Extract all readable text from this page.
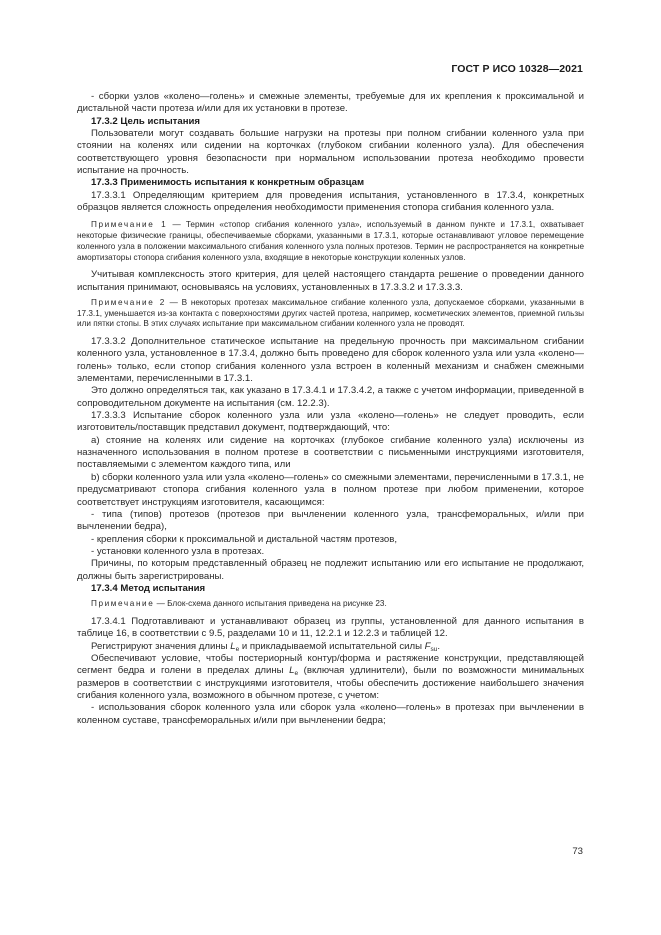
ГОСТ Р ИСО 10328—2021

- сборки узлов «колено—голень» и смежные элементы, требуемые для их крепления к проксимальной и дистальной части протеза и/или для их установки в протезе.

17.3.2 Цель испытания

Пользователи могут создавать большие нагрузки на протезы при полном сгибании коленного узла при стоянии на коленях или сидении на корточках (глубоком сгибании коленного узла). Для обеспечения соответствующего уровня безопасности при нормальном использовании протеза необходимо провести испытание на прочность.

17.3.3 Применимость испытания к конкретным образцам

17.3.3.1 Определяющим критерием для проведения испытания, установленного в 17.3.4, конкретных образцов является сложность определения необходимости применения стопора сгибания коленного узла.

Примечание 1 — Термин «стопор сгибания коленного узла», используемый в данном пункте и 17.3.1, охватывает некоторые физические границы, обеспечиваемые сборками, указанными в 17.3.1, которые останавливают угловое перемещение коленного узла в положении максимального сгибания коленного узла полных протезов. Термин не распространяется на конкретные амортизаторы стопора сгибания коленного узла, входящие в некоторые конструкции коленных узлов.

Учитывая комплексность этого критерия, для целей настоящего стандарта решение о проведении данного испытания принимают, основываясь на условиях, установленных в 17.3.3.2 и 17.3.3.3.

Примечание 2 — В некоторых протезах максимальное сгибание коленного узла, допускаемое сборками, указанными в 17.3.1, уменьшается из-за контакта с поверхностями других частей протеза, например, косметических элементов, приемной гильзы или пятки стопы. В этих случаях испытание при максимальном сгибании коленного узла не проводят.

17.3.3.2 Дополнительное статическое испытание на предельную прочность при максимальном сгибании коленного узла, установленное в 17.3.4, должно быть проведено для сборок коленного узла или узла «колено—голень» только, если стопор сгибания коленного узла встроен в коленный механизм и снабжен смежными элементами, перечисленными в 17.3.1.

Это должно определяться так, как указано в 17.3.4.1 и 17.3.4.2, а также с учетом информации, приведенной в сопроводительном документе на испытания (см. 12.2.3).

17.3.3.3 Испытание сборок коленного узла или узла «колено—голень» не следует проводить, если изготовитель/поставщик представил документ, подтверждающий, что:

a) стояние на коленях или сидение на корточках (глубокое сгибание коленного узла) исключены из назначенного использования в полном протезе в соответствии с письменными инструкциями изготовителя, поставляемыми с элементом каждого типа, или

b) сборки коленного узла или узла «колено—голень» со смежными элементами, перечисленными в 17.3.1, не предусматривают стопора сгибания коленного узла в полном протезе при любом применении, которое соответствует инструкциям изготовителя, касающимся:

- типа (типов) протезов (протезов при вычленении коленного узла, трансфеморальных, и/или при вычленении бедра),

- крепления сборки к проксимальной и дистальной частям протезов,

- установки коленного узла в протезах.

Причины, по которым представленный образец не подлежит испытанию или его испытание не продолжают, должны быть зарегистрированы.

17.3.4 Метод испытания

Примечание — Блок-схема данного испытания приведена на рисунке 23.

17.3.4.1 Подготавливают и устанавливают образец из группы, установленной для данного испытания в таблице 16, в соответствии с 9.5, разделами 10 и 11, 12.2.1 и 12.2.3 и таблицей 12.

Регистрируют значения длины $L_e$ и прикладываемой испытательной силы $F_{su}$.

Обеспечивают условие, чтобы постериорный контур/форма и растяжение конструкции, представляющей сегмент бедра и голени в пределах длины $L_e$ (включая удлинители), были по возможности минимальных размеров в соответствии с инструкциями изготовителя, чтобы обеспечить достижение наибольшего значения сгибания коленного узла, возможного в обычном протезе, с учетом:

- использования сборок коленного узла или сборок узла «колено—голень» в протезах при вычленении в коленном суставе, трансфеморальных и/или при вычленении бедра;

73
